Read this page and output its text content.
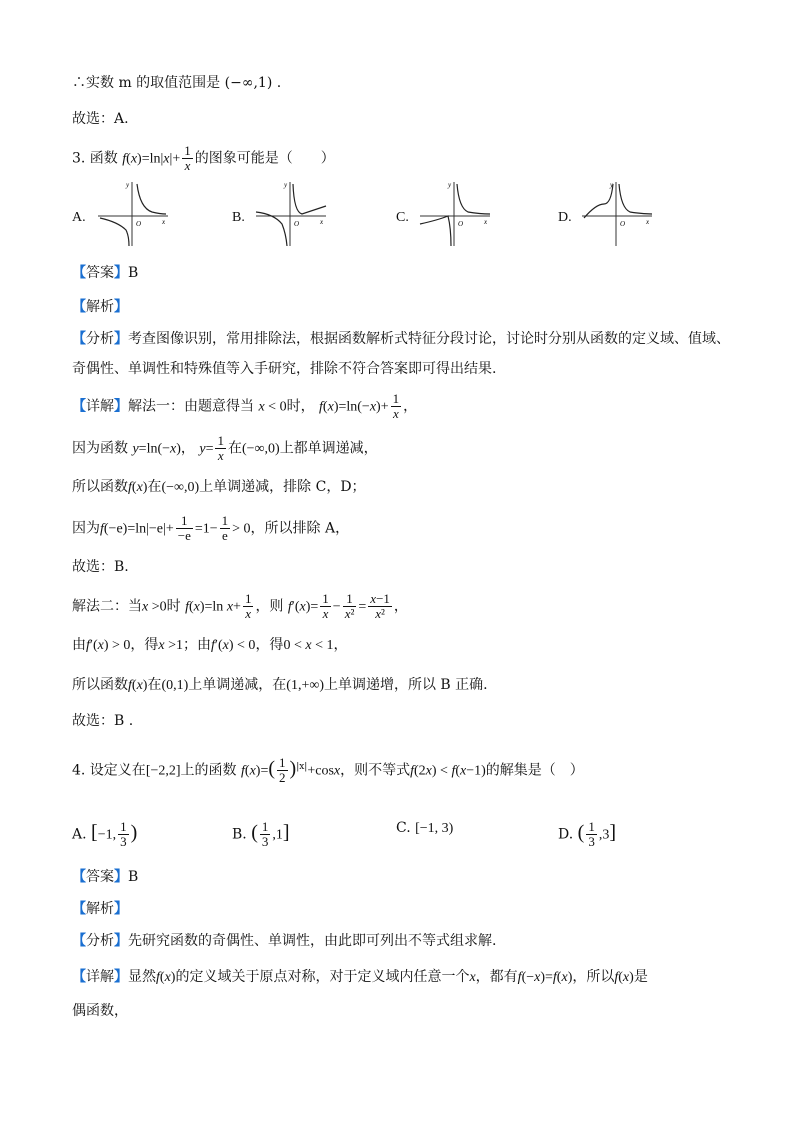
∴实数 m 的取值范围是 (−∞,1) .
故选：A.
3. 函数 $f(x)=\ln|x|+ \frac{1}{x}$ 的图象可能是（　　）
A.
y
x
O	B.
y
x
O	C.
y
x
O	D.
y
x
O
【答案】B
【解析】
【分析】考查图像识别，常用排除法，根据函数解析式特征分段讨论，讨论时分别从函数的定义域、值域、
奇偶性、单调性和特殊值等入手研究，排除不符合答案即可得出结果.
【详解】解法一：由题意得当 x < 0时， $f(x)=\ln(-x)+ \frac{1}{x}$ ，
因为函数 y=ln(−x)， $y= \frac{1}{x}$ 在(−∞,0)上都单调递减，
所以函数f(x)在(−∞,0)上单调递减，排除 C，D；
因为$f(-e)=\ln|-e|+ \frac{1}{-e} =1- \frac{1}{e} > 0$，所以排除 A，
故选：B.
解法二：当x >0时 f(x)=ln $x+ \frac{1}{x}$ ，则 $f'(x)= \frac{1}{x} - \frac{1}{\text{x²}} = \frac{x-1}{\text{x²}}$ ，
由f′(x) > 0，得x >1；由f′(x) < 0，得0 < x < 1，
所以函数f(x)在(0,1)上单调递减，在(1,+∞)上单调递增，所以 B 正确.
故选：B .
4. 设定义在[−2,2]上的函数 $f(x)=( \frac{1}{2} )^{|x|}+\cos x$，则不等式f(2x) < f(x−1)的解集是（　）
A. [−1, $\frac{1}{3}$ )	B. ( $\frac{1}{3} ,1$]	C. [−1, 3)	D. ( $\frac{1}{3} ,3$]
【答案】B
【解析】
【分析】先研究函数的奇偶性、单调性，由此即可列出不等式组求解.
【详解】显然f(x)的定义域关于原点对称，对于定义域内任意一个x，都有f(−x)=f(x)，所以f(x)是
偶函数，
